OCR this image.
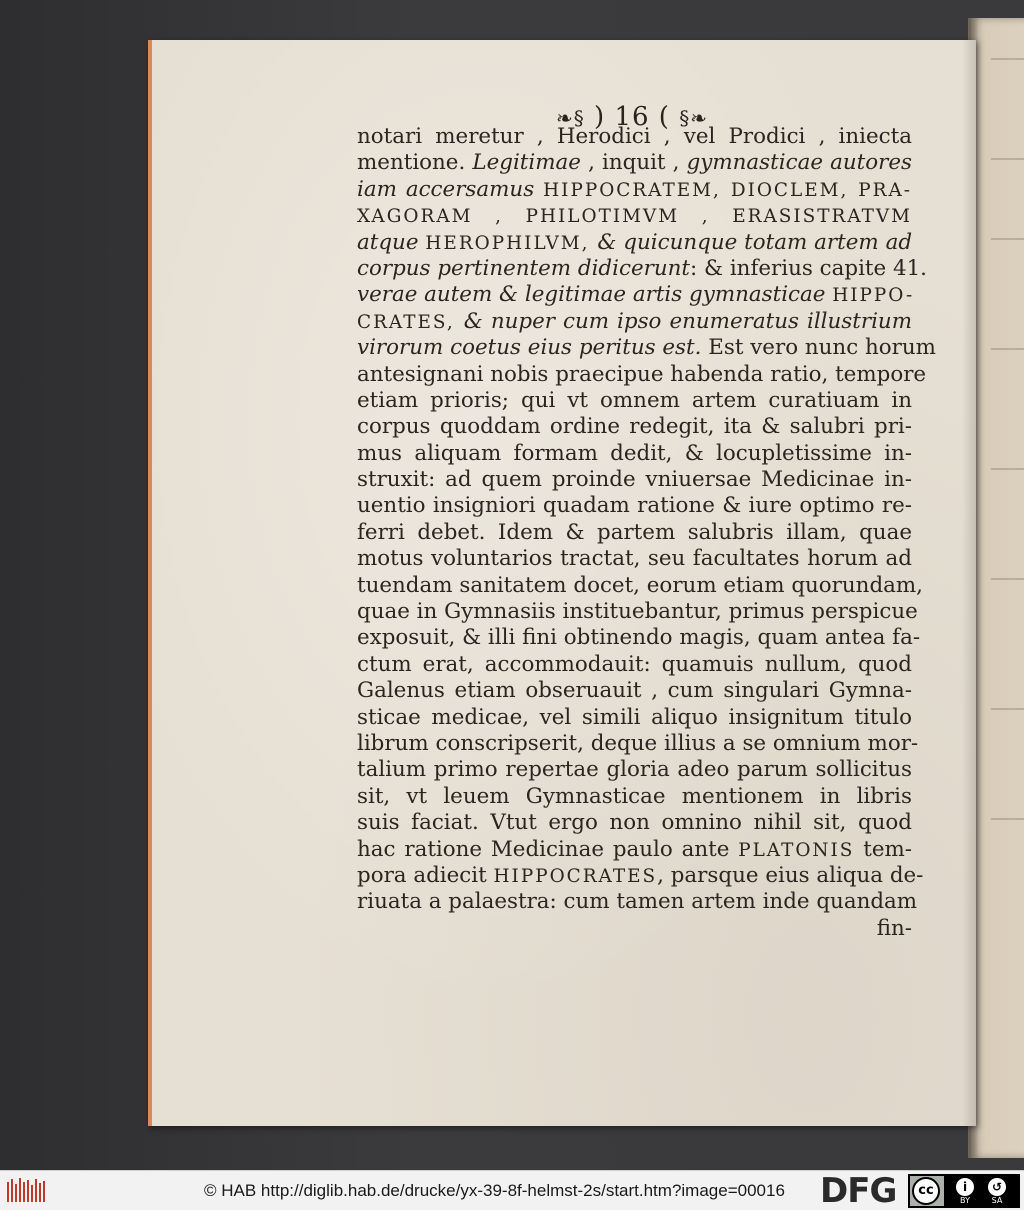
❧§ ) 16 ( §❧
notari meretur , Herodici , vel Prodici , iniecta
mentione. Legitimae , inquit , gymnasticae autores
iam accersamus HIPPOCRATEM, DIOCLEM, PRA-
XAGORAM , PHILOTIMVM , ERASISTRATVM
atque HEROPHILVM, & quicunque totam artem ad
corpus pertinentem didicerunt: & inferius capite 41.
verae autem & legitimae artis gymnasticae HIPPO-
CRATES, & nuper cum ipso enumeratus illustrium
virorum coetus eius peritus est. Est vero nunc horum
antesignani nobis praecipue habenda ratio, tempore
etiam prioris; qui vt omnem artem curatiuam in
corpus quoddam ordine redegit, ita & salubri pri-
mus aliquam formam dedit, & locupletissime in-
struxit: ad quem proinde vniuersae Medicinae in-
uentio insigniori quadam ratione & iure optimo re-
ferri debet. Idem & partem salubris illam, quae
motus voluntarios tractat, seu facultates horum ad
tuendam sanitatem docet, eorum etiam quorundam,
quae in Gymnasiis instituebantur, primus perspicue
exposuit, & illi fini obtinendo magis, quam antea fa-
ctum erat, accommodauit: quamuis nullum, quod
Galenus etiam obseruauit , cum singulari Gymna-
sticae medicae, vel simili aliquo insignitum titulo
librum conscripserit, deque illius a se omnium mor-
talium primo repertae gloria adeo parum sollicitus
sit, vt leuem Gymnasticae mentionem in libris
suis faciat. Vtut ergo non omnino nihil sit, quod
hac ratione Medicinae paulo ante PLATONIS tem-
pora adiecit HIPPOCRATES, parsque eius aliqua de-
riuata a palaestra: cum tamen artem inde quandam
fin-
© HAB http://diglib.hab.de/drucke/yx-39-8f-helmst-2s/start.htm?image=00016 DFG	cc	i
BY
↺
SA
